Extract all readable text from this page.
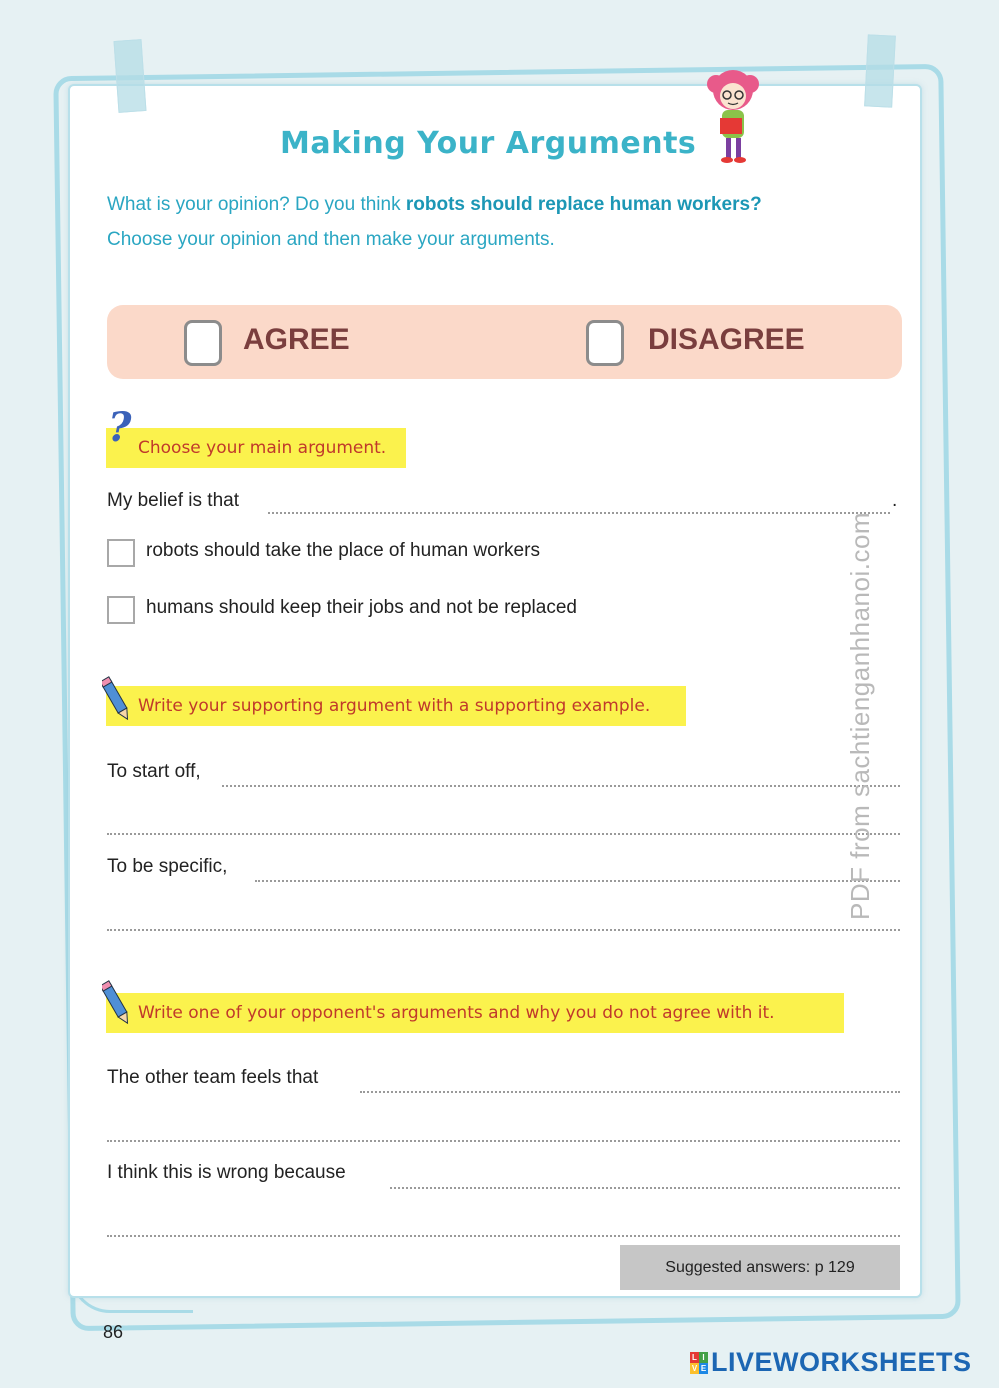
Making Your Arguments

What is your opinion? Do you think robots should replace human workers?

Choose your opinion and then make your arguments.

AGREE	DISAGREE
Choose your main argument.
?
My belief is that	.
robots should take the place of human workers
humans should keep their jobs and not be replaced
Write your supporting argument with a supporting example.
To start off,
To be specific,
Write one of your opponent's arguments and why you do not agree with it.
The other team feels that
I think this is wrong because
Suggested answers: p 129
86
PDF from sachtienganhhanoi.com
L I
V E LIVEWORKSHEETS
